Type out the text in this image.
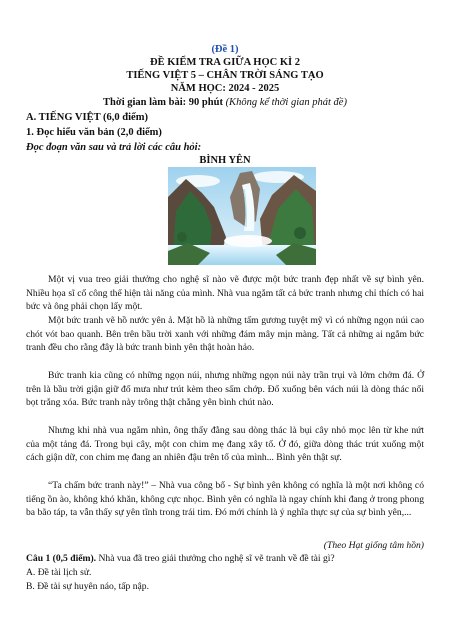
(Đề 1)
ĐỀ KIỂM TRA GIỮA HỌC KÌ 2
TIẾNG VIỆT 5 – CHÂN TRỜI SÁNG TẠO
NĂM HỌC: 2024 - 2025
Thời gian làm bài: 90 phút (Không kể thời gian phát đề)
A. TIẾNG VIỆT (6,0 điểm)
1. Đọc hiểu văn bản (2,0 điểm)
Đọc đoạn văn sau và trả lời các câu hỏi:
BÌNH YÊN

Một vị vua treo giải thưởng cho nghệ sĩ nào vẽ được một bức tranh đẹp nhất về sự bình yên. Nhiều họa sĩ cố công thể hiện tài năng của mình. Nhà vua ngắm tất cả bức tranh nhưng chỉ thích có hai bức và ông phải chọn lấy một.

Một bức tranh vẽ hồ nước yên ả. Mặt hồ là những tấm gương tuyệt mỹ vì có những ngọn núi cao chót vót bao quanh. Bên trên bầu trời xanh với những đám mây mịn màng. Tất cả những ai ngắm bức tranh đều cho rằng đây là bức tranh bình yên thật hoàn hảo.

Bức tranh kia cũng có những ngọn núi, nhưng những ngọn núi này trần trụi và lởm chởm đá. Ở trên là bầu trời giận giữ đổ mưa như trút kèm theo sấm chớp. Đổ xuống bên vách núi là dòng thác nổi bọt trắng xóa. Bức tranh này trông thật chẳng yên bình chút nào.

Nhưng khi nhà vua ngắm nhìn, ông thấy đằng sau dòng thác là bụi cây nhỏ mọc lên từ khe nứt của một tảng đá. Trong bụi cây, một con chim mẹ đang xây tổ. Ở đó, giữa dòng thác trút xuống một cách giận dữ, con chim mẹ đang an nhiên đậu trên tổ của mình... Bình yên thật sự.

“Ta chấm bức tranh này!” – Nhà vua công bố - Sự bình yên không có nghĩa là một nơi không có tiếng ồn ào, không khó khăn, không cực nhọc. Bình yên có nghĩa là ngay chính khi đang ở trong phong ba bão táp, ta vẫn thấy sự yên tĩnh trong trái tim. Đó mới chính là ý nghĩa thực sự của sự bình yên,...

(Theo Hạt giống tâm hồn)
Câu 1 (0,5 điểm). Nhà vua đã treo giải thưởng cho nghệ sĩ vẽ tranh về đề tài gì?
A. Đề tài lịch sử.
B. Đề tài sự huyên náo, tấp nập.
